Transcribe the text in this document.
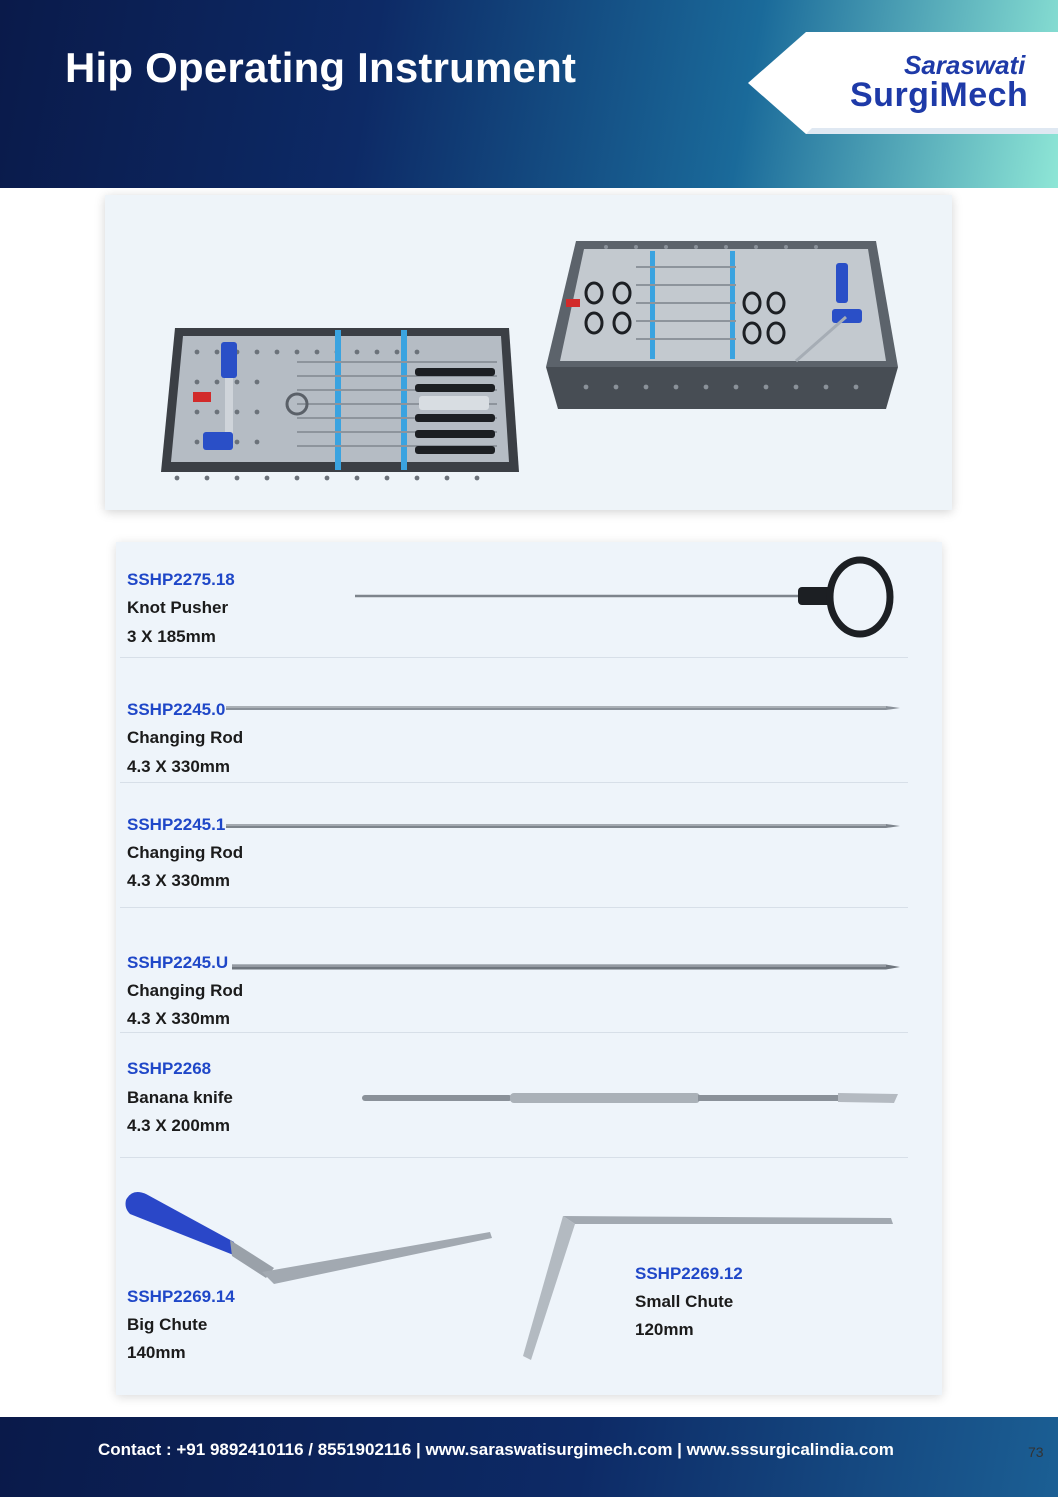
Hip Operating Instrument	Saraswati
SurgiMech
SSHP2275.18
Knot Pusher
3 X 185mm
SSHP2245.0
Changing Rod
4.3 X 330mm
SSHP2245.1
Changing Rod
4.3 X 330mm
SSHP2245.U
Changing Rod
4.3 X 330mm
SSHP2268
Banana knife
4.3 X 200mm
SSHP2269.14
Big Chute
140mm
SSHP2269.12
Small Chute
120mm
Contact : +91 9892410116 / 8551902116 | www.saraswatisurgimech.com | www.sssurgicalindia.com	73
